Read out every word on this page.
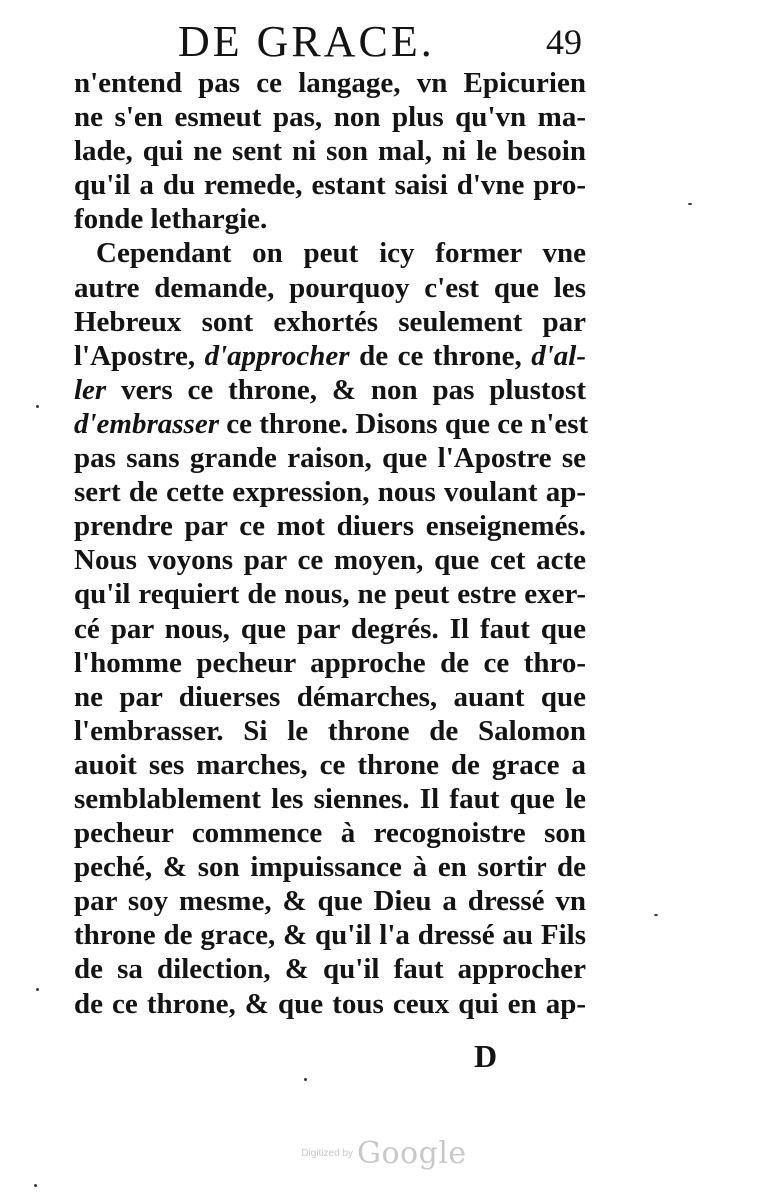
DE GRACE.	49
n'entend pas ce langage, vn Epicurien
ne s'en esmeut pas, non plus qu'vn ma-
lade, qui ne sent ni son mal, ni le besoin
qu'il a du remede, estant saisi d'vne pro-
fonde lethargie.
Cependant on peut icy former vne
autre demande, pourquoy c'est que les
Hebreux sont exhortés seulement par
l'Apostre, d'approcher de ce throne, d'al-
ler vers ce throne, & non pas plustost
d'embrasser ce throne. Disons que ce n'est
pas sans grande raison, que l'Apostre se
sert de cette expression, nous voulant ap-
prendre par ce mot diuers enseignemés.
Nous voyons par ce moyen, que cet acte
qu'il requiert de nous, ne peut estre exer-
cé par nous, que par degrés. Il faut que
l'homme pecheur approche de ce thro-
ne par diuerses démarches, auant que
l'embrasser. Si le throne de Salomon
auoit ses marches, ce throne de grace a
semblablement les siennes. Il faut que le
pecheur commence à recognoistre son
peché, & son impuissance à en sortir de
par soy mesme, & que Dieu a dressé vn
throne de grace, & qu'il l'a dressé au Fils
de sa dilection, & qu'il faut approcher
de ce throne, & que tous ceux qui en ap-
D
Digitized by Google
